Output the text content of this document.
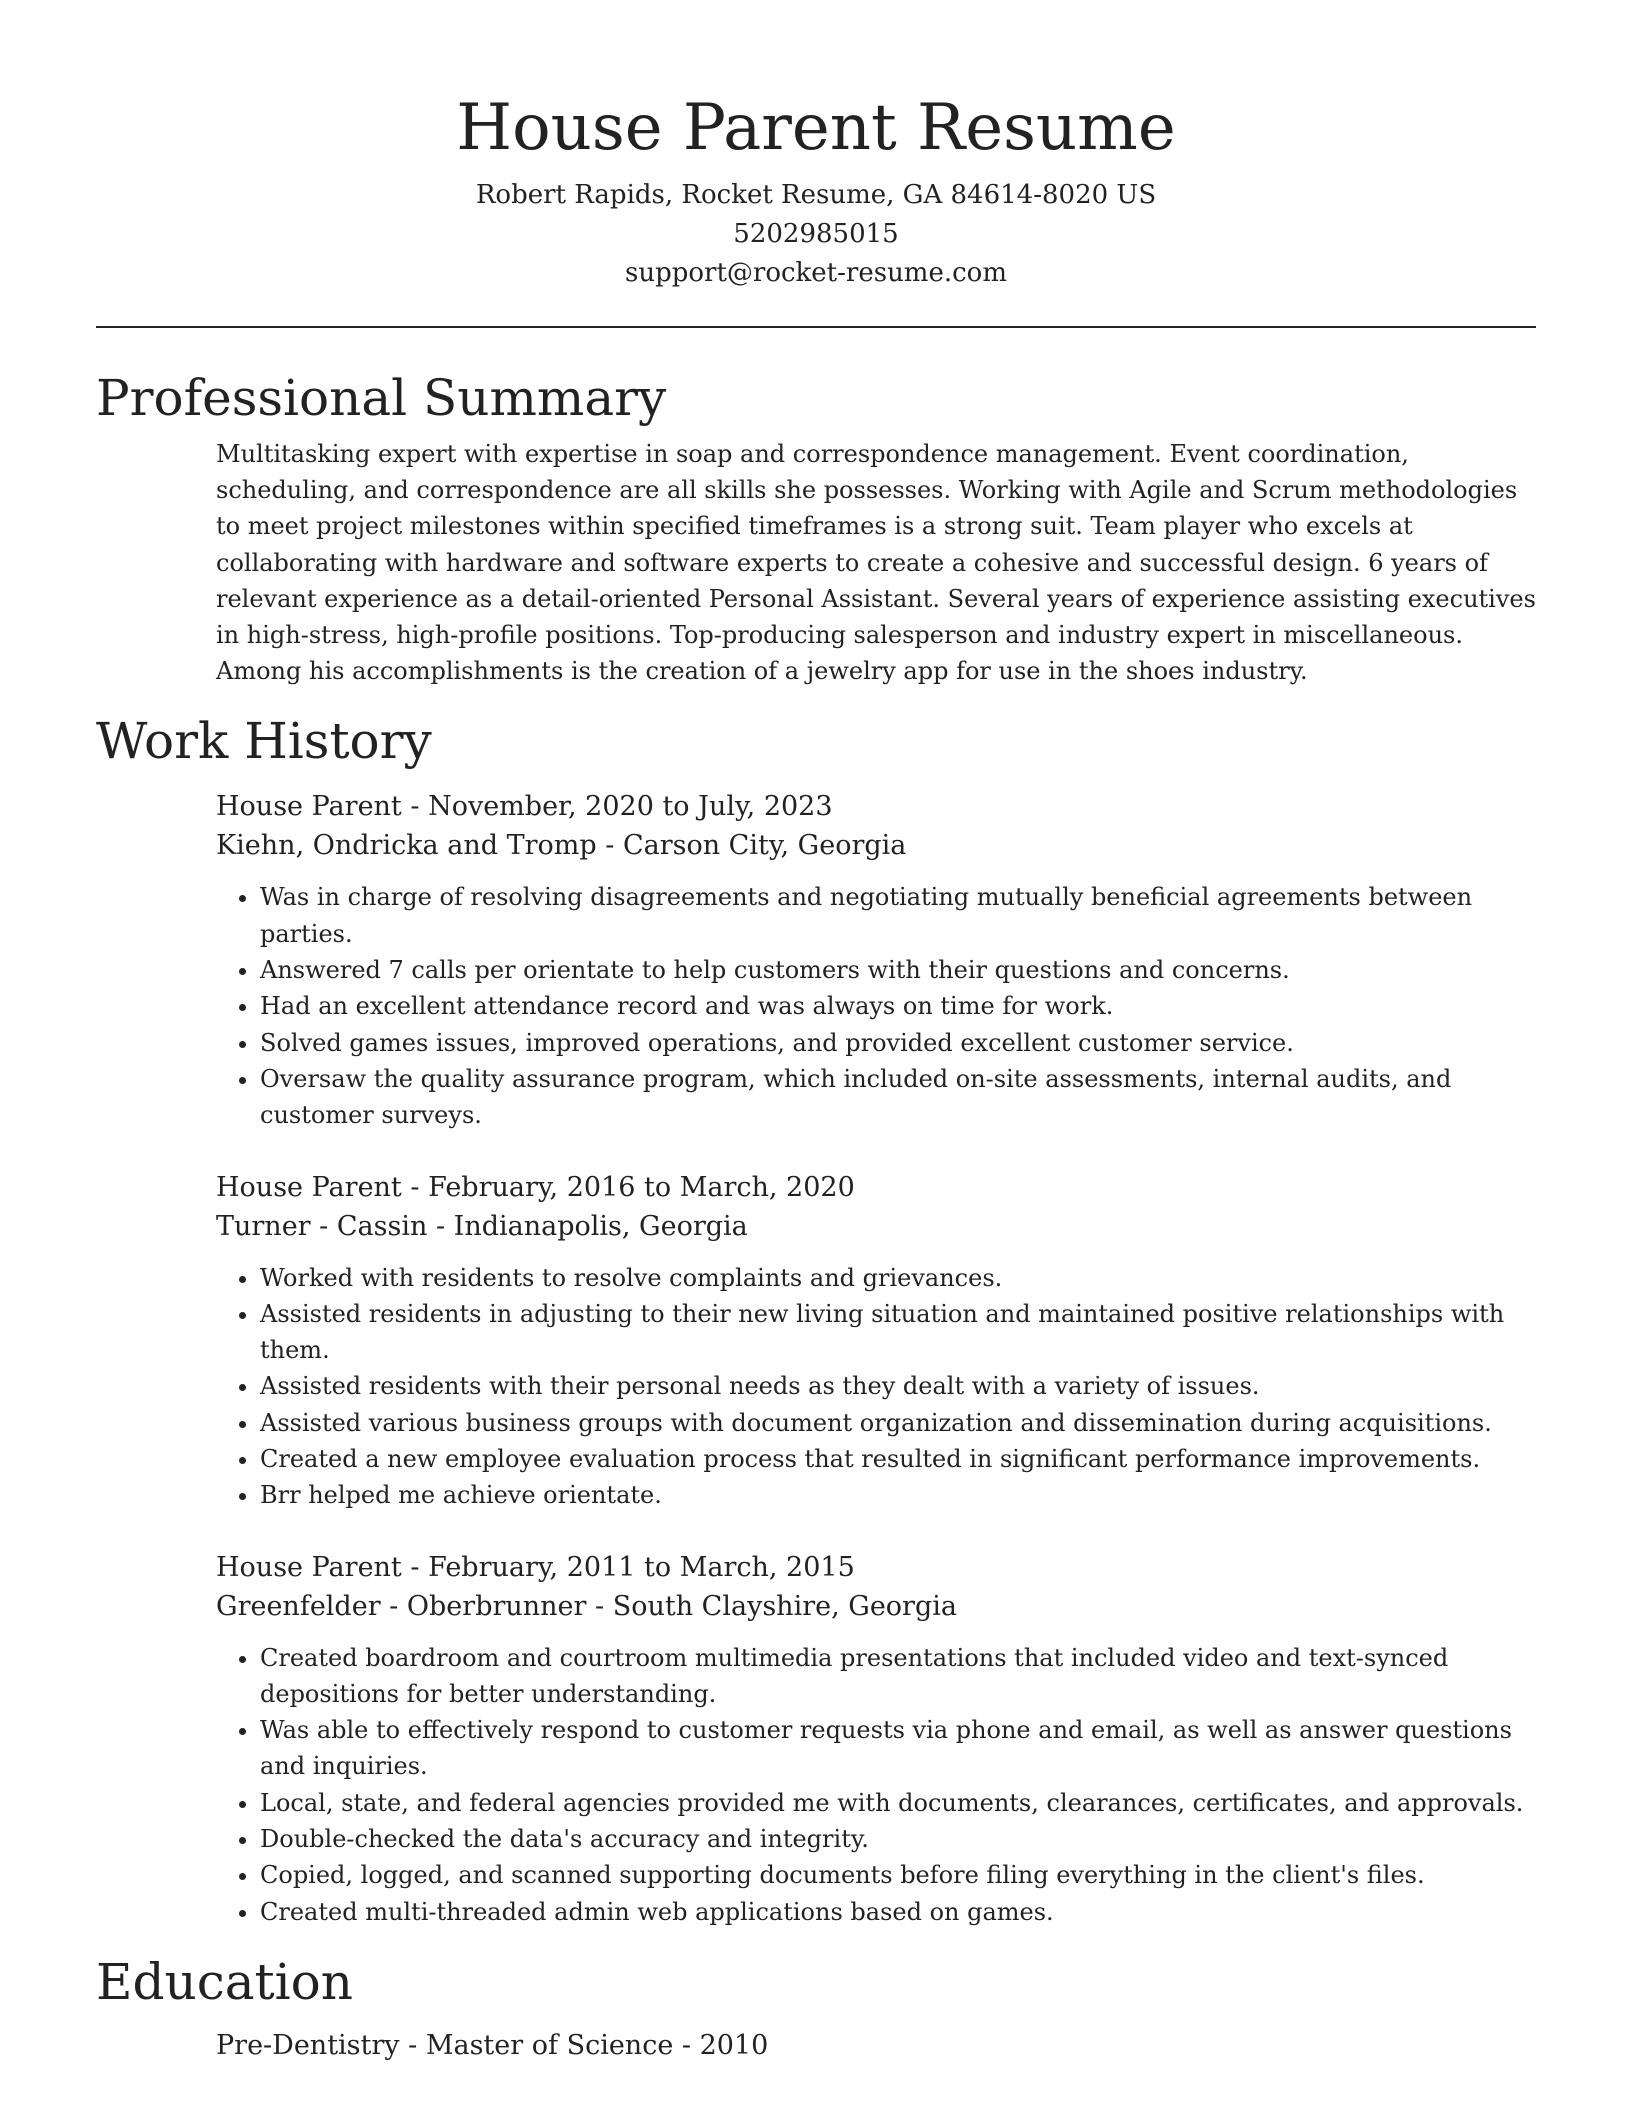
House Parent Resume
Robert Rapids, Rocket Resume, GA 84614-8020 US
5202985015
support@rocket-resume.com
Professional Summary

Multitasking expert with expertise in soap and correspondence management. Event coordination, scheduling, and correspondence are all skills she possesses. Working with Agile and Scrum methodologies to meet project milestones within specified timeframes is a strong suit. Team player who excels at collaborating with hardware and software experts to create a cohesive and successful design. 6 years of relevant experience as a detail-oriented Personal Assistant. Several years of experience assisting executives in high-stress, high-profile positions. Top-producing salesperson and industry expert in miscellaneous. Among his accomplishments is the creation of a jewelry app for use in the shoes industry.

Work History
House Parent - November, 2020 to July, 2023
Kiehn, Ondricka and Tromp - Carson City, Georgia
• Was in charge of resolving disagreements and negotiating mutually beneficial agreements between parties.
• Answered 7 calls per orientate to help customers with their questions and concerns.
• Had an excellent attendance record and was always on time for work.
• Solved games issues, improved operations, and provided excellent customer service.
• Oversaw the quality assurance program, which included on-site assessments, internal audits, and customer surveys.
House Parent - February, 2016 to March, 2020
Turner - Cassin - Indianapolis, Georgia
• Worked with residents to resolve complaints and grievances.
• Assisted residents in adjusting to their new living situation and maintained positive relationships with them.
• Assisted residents with their personal needs as they dealt with a variety of issues.
• Assisted various business groups with document organization and dissemination during acquisitions.
• Created a new employee evaluation process that resulted in significant performance improvements.
• Brr helped me achieve orientate.
House Parent - February, 2011 to March, 2015
Greenfelder - Oberbrunner - South Clayshire, Georgia
• Created boardroom and courtroom multimedia presentations that included video and text-synced depositions for better understanding.
• Was able to effectively respond to customer requests via phone and email, as well as answer questions and inquiries.
• Local, state, and federal agencies provided me with documents, clearances, certificates, and approvals.
• Double-checked the data's accuracy and integrity.
• Copied, logged, and scanned supporting documents before filing everything in the client's files.
• Created multi-threaded admin web applications based on games.
Education
Pre-Dentistry - Master of Science - 2010
